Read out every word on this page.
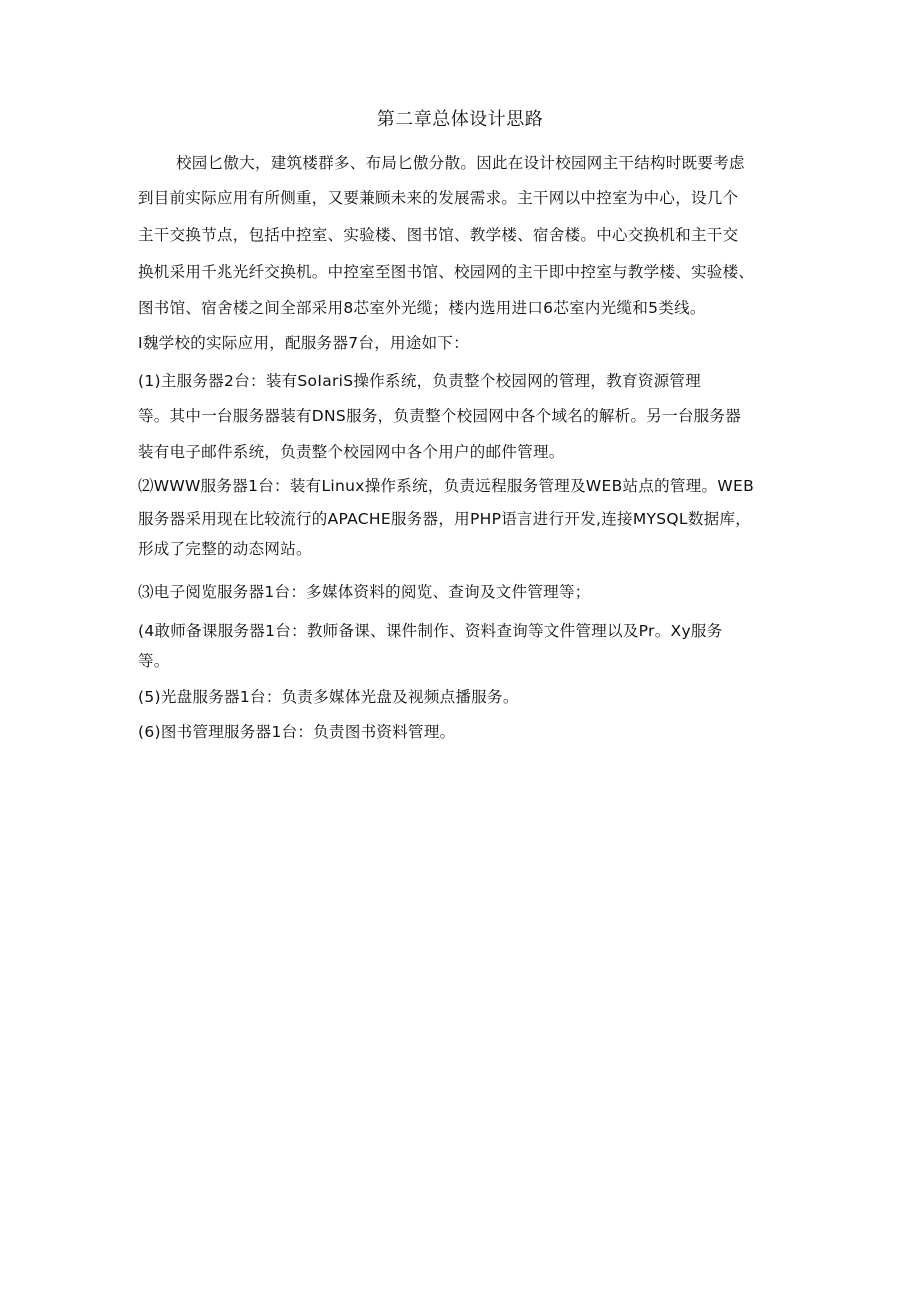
第二章总体设计思路
校园匕傲大，建筑楼群多、布局匕傲分散。因此在设计校园网主干结构时既要考虑
到目前实际应用有所侧重，又要兼顾未来的发展需求。主干网以中控室为中心，设几个
主干交换节点，包括中控室、实验楼、图书馆、教学楼、宿舍楼。中心交换机和主干交
换机采用千兆光纤交换机。中控室至图书馆、校园网的主干即中控室与教学楼、实验楼、
图书馆、宿舍楼之间全部采用8芯室外光缆；楼内选用进口6芯室内光缆和5类线。
I魏学校的实际应用，配服务器7台，用途如下：
(1)主服务器2台：装有SoIariS操作系统，负责整个校园网的管理，教育资源管理
等。其中一台服务器装有DNS服务，负责整个校园网中各个域名的解析。另一台服务器
装有电子邮件系统，负责整个校园网中各个用户的邮件管理。
⑵WWW服务器1台：装有Linux操作系统，负责远程服务管理及WEB站点的管理。WEB
服务器采用现在比较流行的APACHE服务器，用PHP语言进行开发,连接MYSQL数据库，
形成了完整的动态网站。
⑶电子阅览服务器1台：多媒体资料的阅览、查询及文件管理等；
(4敢师备课服务器1台：教师备课、课件制作、资料查询等文件管理以及Pr。Xy服务
等。
(5)光盘服务器1台：负责多媒体光盘及视频点播服务。
(6)图书管理服务器1台：负责图书资料管理。
